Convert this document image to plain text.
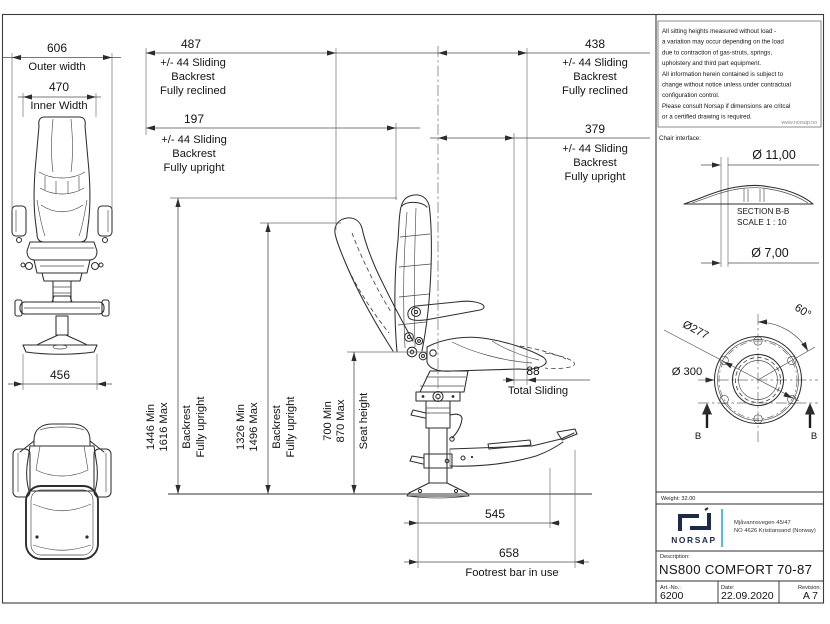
606
Outer width
470
Inner Width
456
487
+/- 44 Sliding
Backrest
Fully reclined
197
+/- 44 Sliding
Backrest
Fully upright
438
+/- 44 Sliding
Backrest
Fully reclined
379
+/- 44 Sliding
Backrest
Fully upright
1446 Min 1616 Max Backrest Fully upright	1326 Min 1496 Max Backrest Fully upright 700 Min 870 Max Seat height
88
Total Sliding
545
658
Footrest bar in use
All sitting heights measured without load -
a variation may occur depending on the load
due to contraction of gas-struts, springs,
upholstery and third part equipment.
All information herein contained is subject to
change without notice unless under contractual
configuration control.
Please consult Norsap if dimensions are critcal
or a certified drawing is required.
www.norsap.no
Chair interface:
Ø 11,00
SECTION B-B
SCALE 1 : 10
Ø 7,00
60°
Ø277
Ø 300
B	B
Weight: 32.00
NORSAP
Mjåvannsvegen 45/47
NO 4626 Kristiansand (Norway)
Description:
NS800 COMFORT 70-87
Art.-No.:	Date:	Revision:
6200	22.09.2020	A 7
